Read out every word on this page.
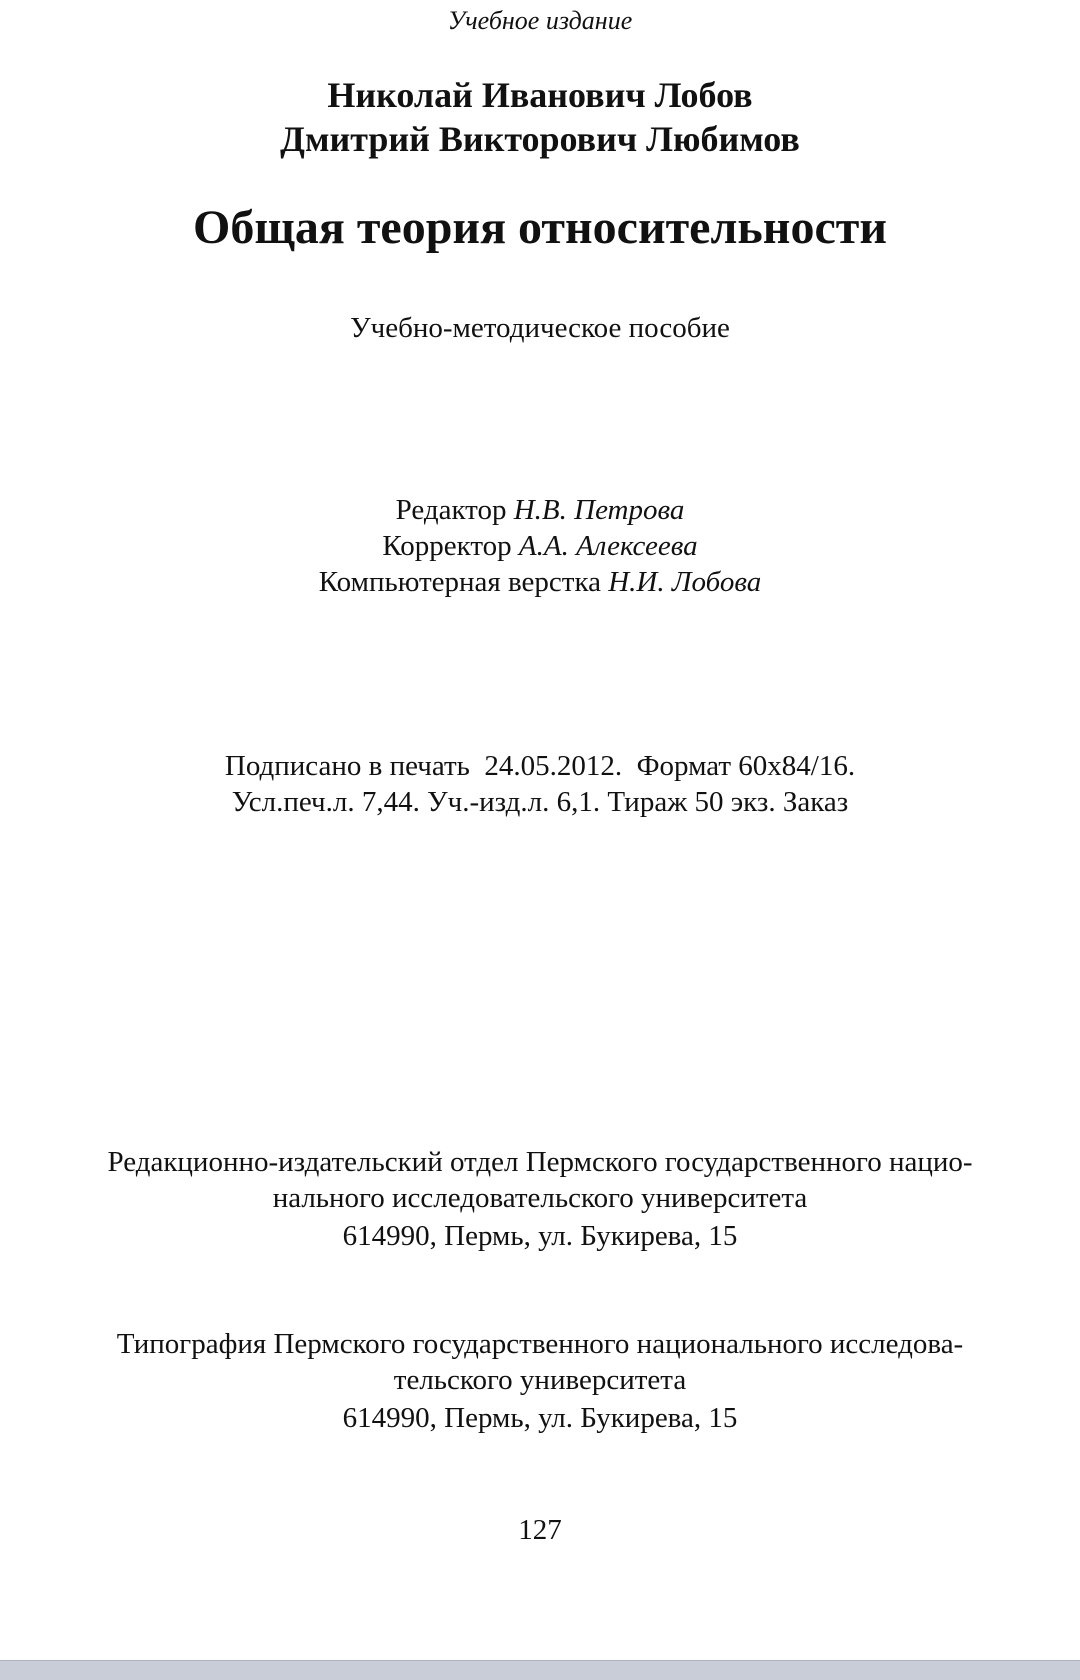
Учебное издание

Николай Иванович Лобов

Дмитрий Викторович Любимов

Общая теория относительности

Учебно-методическое пособие

Редактор Н.В. Петрова

Корректор А.А. Алексеева

Компьютерная верстка Н.И. Лобова

Подписано в печать  24.05.2012.  Формат 60х84/16.

Усл.печ.л. 7,44. Уч.-изд.л. 6,1. Тираж 50 экз. Заказ

Редакционно-издательский отдел Пермского государственного нацио-

нального исследовательского университета

614990, Пермь, ул. Букирева, 15

Типография Пермского государственного национального исследова-

тельского университета

614990, Пермь, ул. Букирева, 15

127
